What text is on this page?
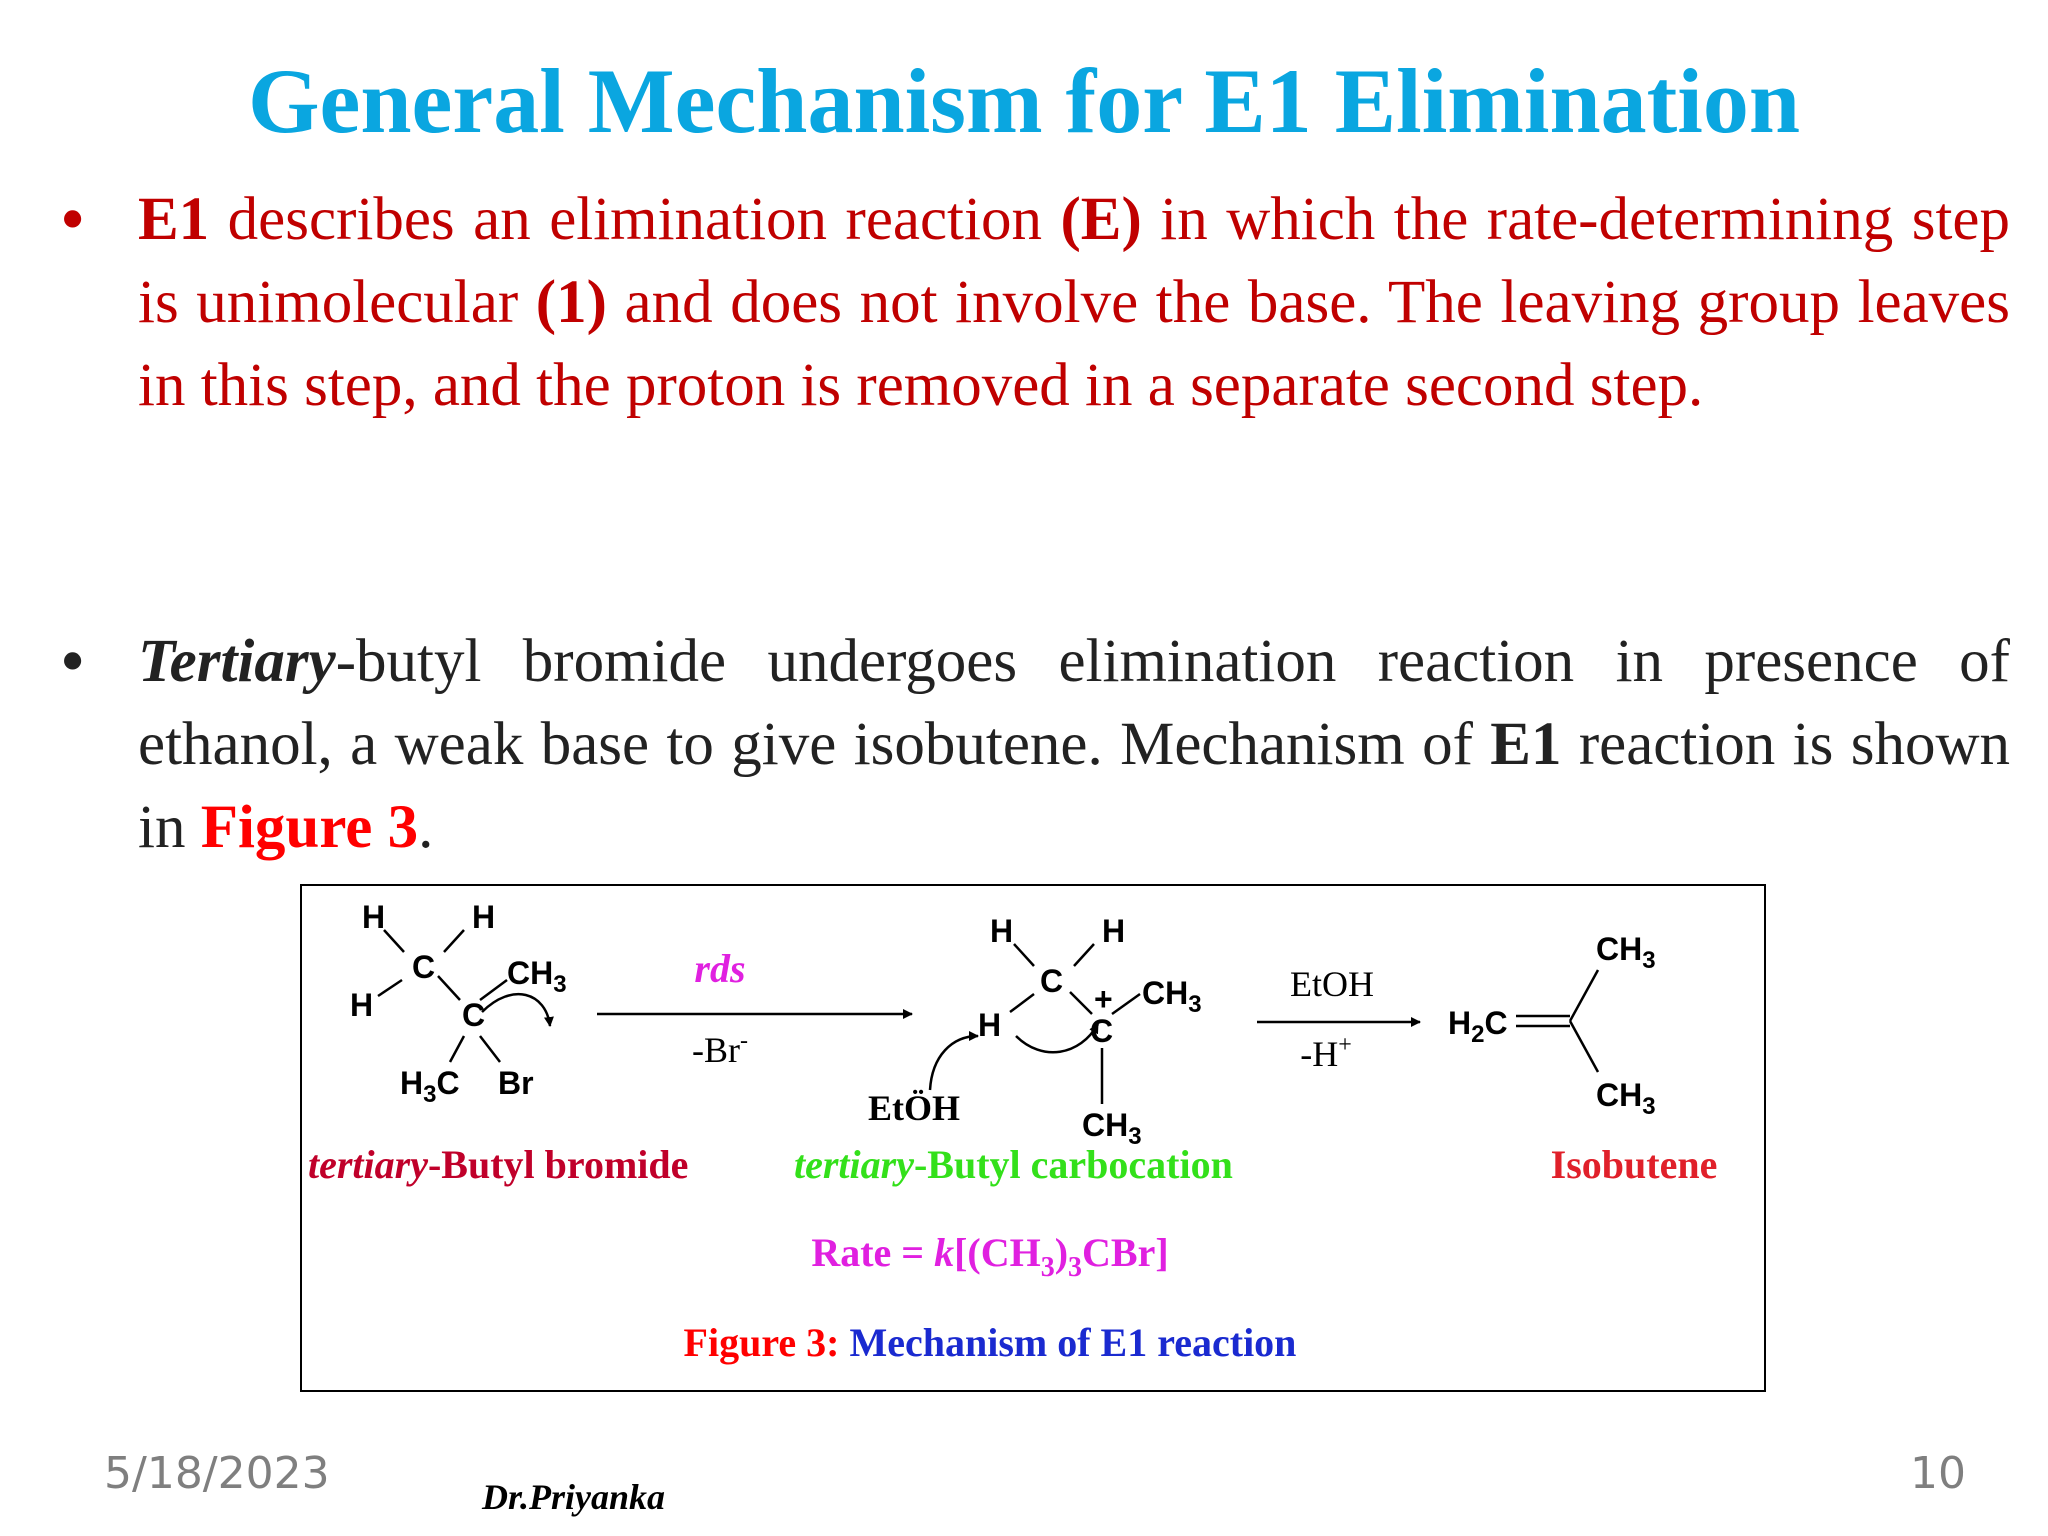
General Mechanism for E1 Elimination
• E1 describes an elimination reaction (E) in which the rate-determining step is unimolecular (1) and does not involve the base. The leaving group leaves in this step, and the proton is removed in a separate second step.

• Tertiary-butyl bromide undergoes elimination reaction in presence of ethanol, a weak base to give isobutene. Mechanism of E1 reaction is shown in Figure 3.

H	H
C
H	C
$CH_3$
$H_3C$ Br
rds
-Br-
H	H
C
H	C
+ $CH_3$
$CH_3$
EtÖH
EtOH
-H+
$H_2C$
$CH_3$
$CH_3$
tertiary-Butyl bromide	tertiary-Butyl carbocation	Isobutene
Rate = $k[(CH_3)_3CBr]$
Figure 3: Mechanism of E1 reaction
5/18/2023	Dr.Priyanka	10
